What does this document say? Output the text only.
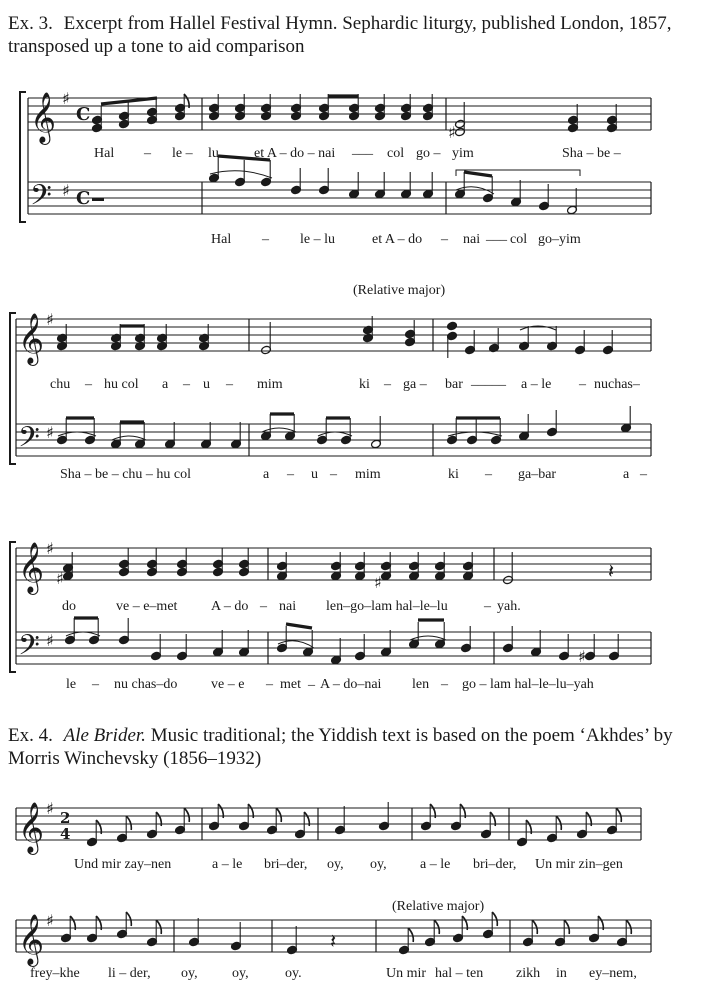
Ex. 3. Excerpt from Hallel Festival Hymn. Sephardic liturgy, published London, 1857, transposed up a tone to aid comparison
Ex. 4. Ale Brider. Music traditional; the Yiddish text is based on the poem ‘Akhdes’ by Morris Winchevsky (1856–1932)
𝄞
𝄢
♯
♯
C
C
♯
𝄞
𝄢
♯
♯
𝄞
𝄢
♯
♯
♯	♯	𝄽
♯
𝄞 ♯ 2
4
𝄞 ♯
𝄽
(Relative major)
(Relative major)
Hal – le – lu	et A – do – nai ___ col go – yim	Sha – be –
Hal – le – lu	et A – do – nai ___ col go–yim
chu – hu col a – u – mim	ki – ga – bar _____ a – le – nuchas–
Sha – be – chu – hu col	a – u – mim	ki – ga–bar	a –
do	ve – e–met A – do – nai len–go–lam hal–le–lu	– yah.
le – nu chas–do ve – e – met _ A – do–nai len – go – lam hal–le–lu–yah
Und mir zay–nen	a – le bri–der, oy, oy, a – le bri–der, Un mir zin–gen
frey–khe li – der, oy, oy,	oy.	Un mir hal – ten zikh in ey–nem,
